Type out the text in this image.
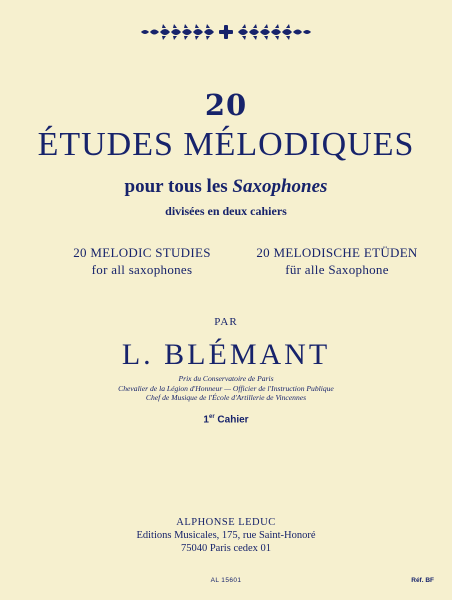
20
ÉTUDES MÉLODIQUES
pour tous les Saxophones
divisées en deux cahiers
20 MELODIC STUDIES
for all saxophones
20 MELODISCHE ETÜDEN
für alle Saxophone
PAR
L. BLÉMANT
Prix du Conservatoire de Paris
Chevalier de la Légion d'Honneur — Officier de l'Instruction Publique
Chef de Musique de l'École d'Artillerie de Vincennes
1er Cahier
ALPHONSE LEDUC
Editions Musicales, 175, rue Saint-Honoré
75040 Paris cedex 01
AL 15601	Réf. BF
